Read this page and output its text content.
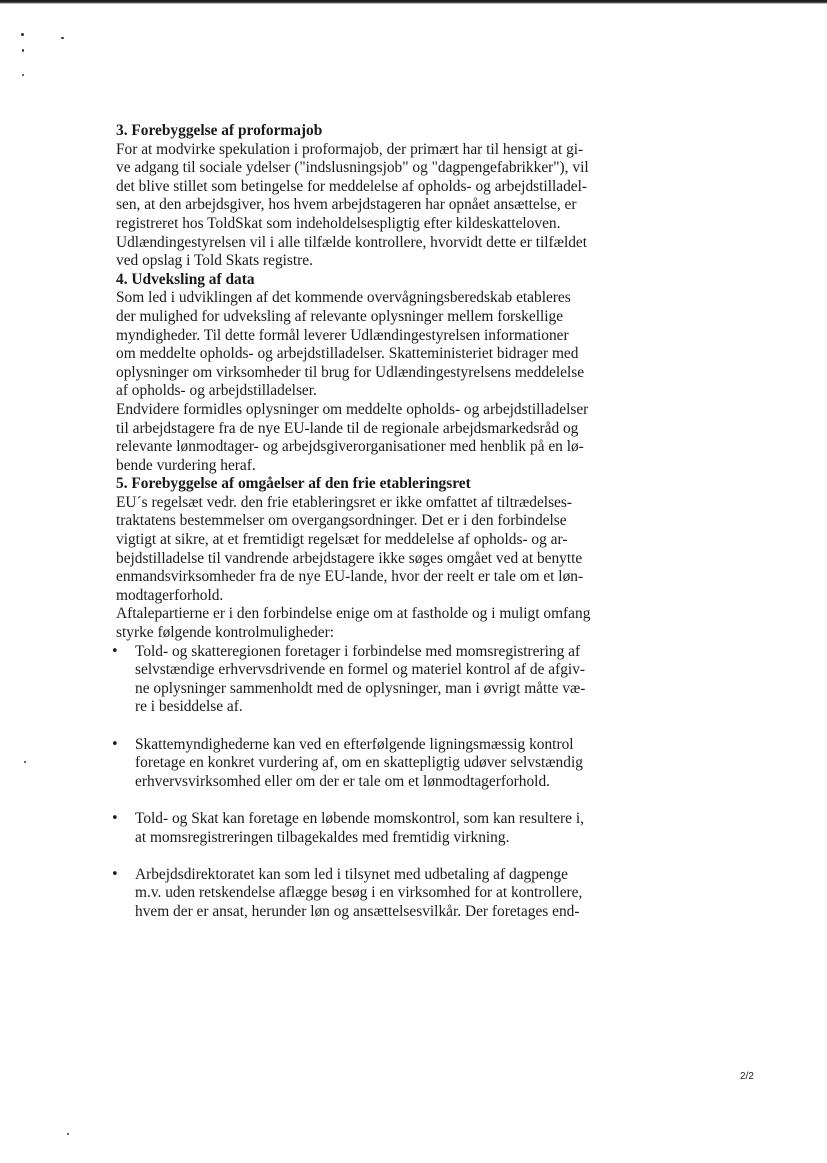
3. Forebyggelse af proformajob
For at modvirke spekulation i proformajob, der primært har til hensigt at gi-
ve adgang til sociale ydelser ("indslusningsjob" og "dagpengefabrikker"), vil
det blive stillet som betingelse for meddelelse af opholds- og arbejdstilladel-
sen, at den arbejdsgiver, hos hvem arbejdstageren har opnået ansættelse, er
registreret hos ToldSkat som indeholdelsespligtig efter kildeskatteloven.

Udlændingestyrelsen vil i alle tilfælde kontrollere, hvorvidt dette er tilfældet
ved opslag i Told Skats registre.

4. Udveksling af data
Som led i udviklingen af det kommende overvågningsberedskab etableres
der mulighed for udveksling af relevante oplysninger mellem forskellige
myndigheder. Til dette formål leverer Udlændingestyrelsen informationer
om meddelte opholds- og arbejdstilladelser. Skatteministeriet bidrager med
oplysninger om virksomheder til brug for Udlændingestyrelsens meddelelse
af opholds- og arbejdstilladelser.

Endvidere formidles oplysninger om meddelte opholds- og arbejdstilladelser
til arbejdstagere fra de nye EU-lande til de regionale arbejdsmarkedsråd og
relevante lønmodtager- og arbejdsgiverorganisationer med henblik på en lø-
bende vurdering heraf.

5. Forebyggelse af omgåelser af den frie etableringsret
EU´s regelsæt vedr. den frie etableringsret er ikke omfattet af tiltrædelses-
traktatens bestemmelser om overgangsordninger. Det er i den forbindelse
vigtigt at sikre, at et fremtidigt regelsæt for meddelelse af opholds- og ar-
bejdstilladelse til vandrende arbejdstagere ikke søges omgået ved at benytte
enmandsvirksomheder fra de nye EU-lande, hvor der reelt er tale om et løn-
modtagerforhold.

Aftalepartierne er i den forbindelse enige om at fastholde og i muligt omfang
styrke følgende kontrolmuligheder:

• Told- og skatteregionen foretager i forbindelse med momsregistrering af
selvstændige erhvervsdrivende en formel og materiel kontrol af de afgiv-
ne oplysninger sammenholdt med de oplysninger, man i øvrigt måtte væ-
re i besiddelse af.
• Skattemyndighederne kan ved en efterfølgende ligningsmæssig kontrol
foretage en konkret vurdering af, om en skattepligtig udøver selvstændig
erhvervsvirksomhed eller om der er tale om et lønmodtagerforhold.
• Told- og Skat kan foretage en løbende momskontrol, som kan resultere i,
at momsregistreringen tilbagekaldes med fremtidig virkning.
• Arbejdsdirektoratet kan som led i tilsynet med udbetaling af dagpenge
m.v. uden retskendelse aflægge besøg i en virksomhed for at kontrollere,
hvem der er ansat, herunder løn og ansættelsesvilkår. Der foretages end-
2/2
